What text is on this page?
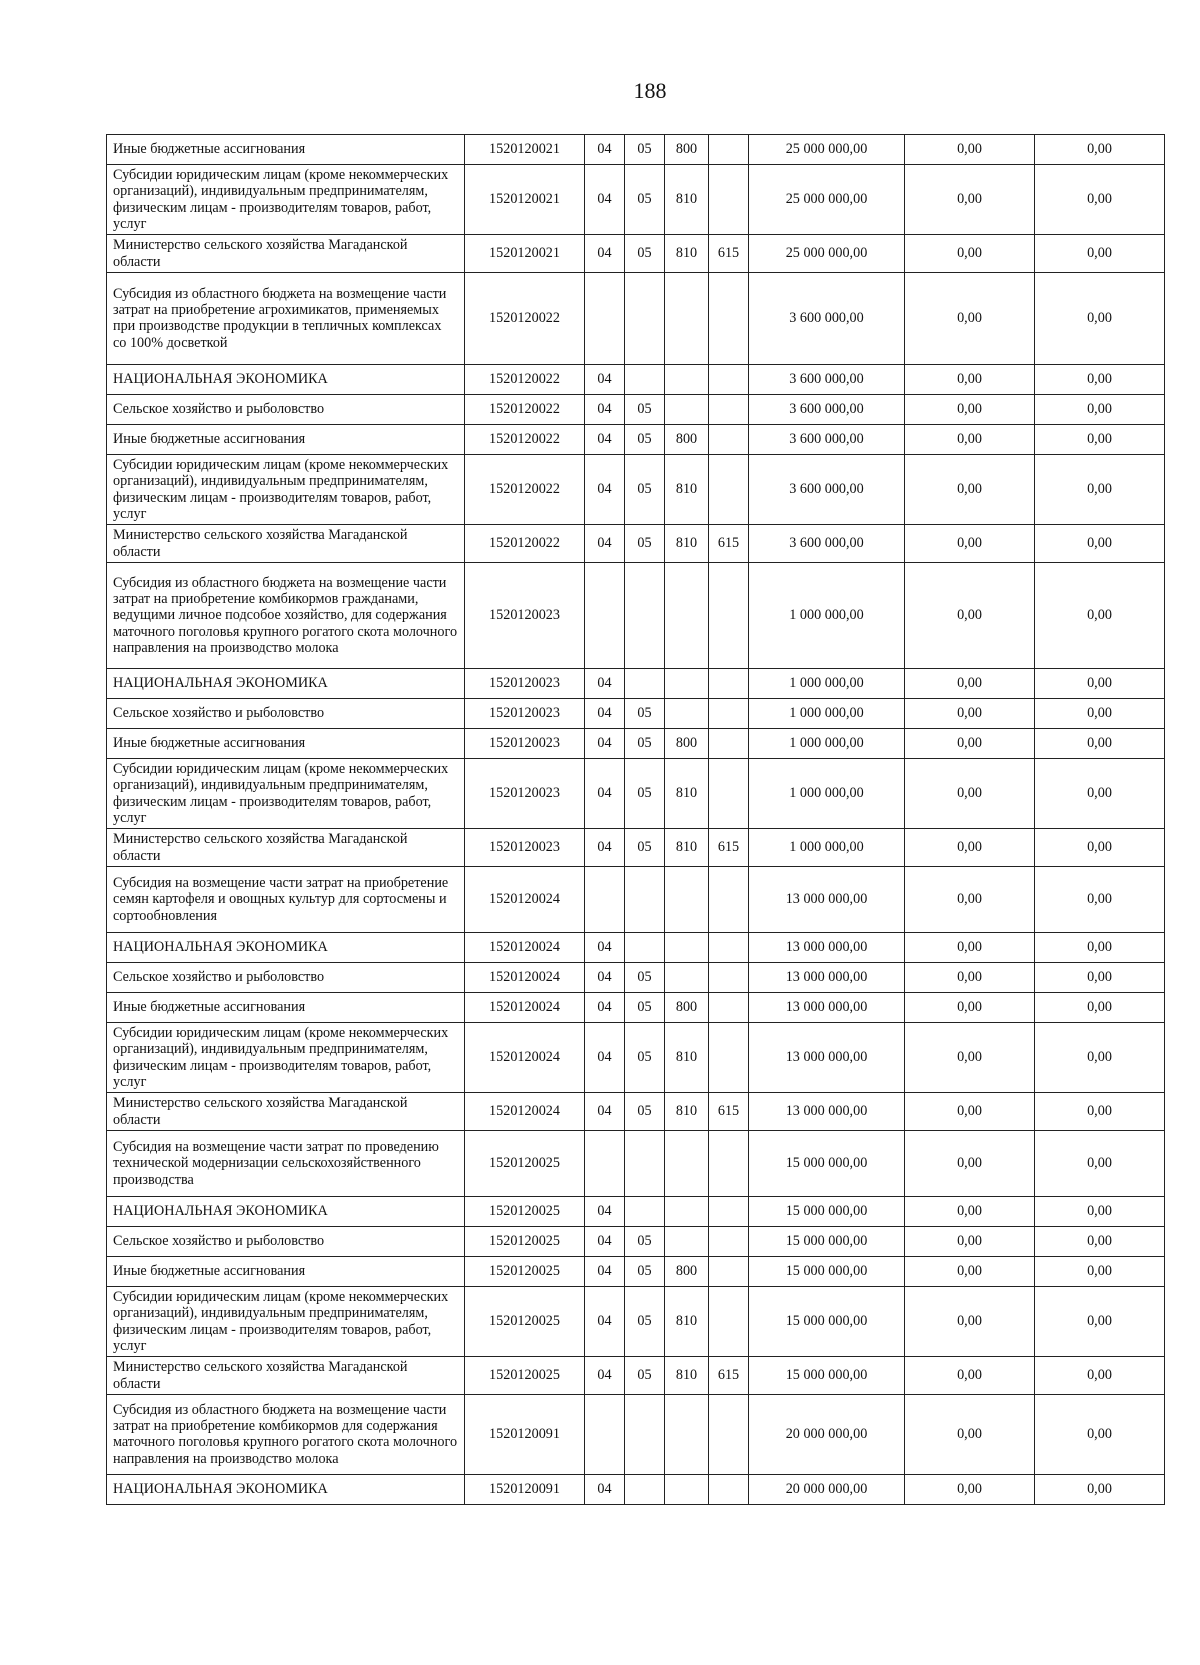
188
Иные бюджетные ассигнования	1520120021	04	05	800		25 000 000,00	0,00	0,00
Субсидии юридическим лицам (кроме некоммерческих организаций), индивидуальным предпринимателям, физическим лицам - производителям товаров, работ, услуг	1520120021	04	05	810		25 000 000,00	0,00	0,00
Министерство сельского хозяйства Магаданской области	1520120021	04	05	810	615	25 000 000,00	0,00	0,00
Субсидия из областного бюджета на возмещение части затрат на приобретение агрохимикатов, применяемых при производстве продукции в тепличных комплексах со 100% досветкой	1520120022					3 600 000,00	0,00	0,00
НАЦИОНАЛЬНАЯ ЭКОНОМИКА	1520120022	04				3 600 000,00	0,00	0,00
Сельское хозяйство и рыболовство	1520120022	04	05			3 600 000,00	0,00	0,00
Иные бюджетные ассигнования	1520120022	04	05	800		3 600 000,00	0,00	0,00
Субсидии юридическим лицам (кроме некоммерческих организаций), индивидуальным предпринимателям, физическим лицам - производителям товаров, работ, услуг	1520120022	04	05	810		3 600 000,00	0,00	0,00
Министерство сельского хозяйства Магаданской области	1520120022	04	05	810	615	3 600 000,00	0,00	0,00
Субсидия из областного бюджета на возмещение части затрат на приобретение комбикормов гражданами, ведущими личное подсобое хозяйство, для содержания маточного поголовья крупного рогатого скота молочного направления на производство молока	1520120023					1 000 000,00	0,00	0,00
НАЦИОНАЛЬНАЯ ЭКОНОМИКА	1520120023	04				1 000 000,00	0,00	0,00
Сельское хозяйство и рыболовство	1520120023	04	05			1 000 000,00	0,00	0,00
Иные бюджетные ассигнования	1520120023	04	05	800		1 000 000,00	0,00	0,00
Субсидии юридическим лицам (кроме некоммерческих организаций), индивидуальным предпринимателям, физическим лицам - производителям товаров, работ, услуг	1520120023	04	05	810		1 000 000,00	0,00	0,00
Министерство сельского хозяйства Магаданской области	1520120023	04	05	810	615	1 000 000,00	0,00	0,00
Субсидия на возмещение части затрат на приобретение семян картофеля и овощных культур для сортосмены и сортообновления	1520120024					13 000 000,00	0,00	0,00
НАЦИОНАЛЬНАЯ ЭКОНОМИКА	1520120024	04				13 000 000,00	0,00	0,00
Сельское хозяйство и рыболовство	1520120024	04	05			13 000 000,00	0,00	0,00
Иные бюджетные ассигнования	1520120024	04	05	800		13 000 000,00	0,00	0,00
Субсидии юридическим лицам (кроме некоммерческих организаций), индивидуальным предпринимателям, физическим лицам - производителям товаров, работ, услуг	1520120024	04	05	810		13 000 000,00	0,00	0,00
Министерство сельского хозяйства Магаданской области	1520120024	04	05	810	615	13 000 000,00	0,00	0,00
Субсидия на возмещение части затрат по проведению технической модернизации сельскохозяйственного производства	1520120025					15 000 000,00	0,00	0,00
НАЦИОНАЛЬНАЯ ЭКОНОМИКА	1520120025	04				15 000 000,00	0,00	0,00
Сельское хозяйство и рыболовство	1520120025	04	05			15 000 000,00	0,00	0,00
Иные бюджетные ассигнования	1520120025	04	05	800		15 000 000,00	0,00	0,00
Субсидии юридическим лицам (кроме некоммерческих организаций), индивидуальным предпринимателям, физическим лицам - производителям товаров, работ, услуг	1520120025	04	05	810		15 000 000,00	0,00	0,00
Министерство сельского хозяйства Магаданской области	1520120025	04	05	810	615	15 000 000,00	0,00	0,00
Субсидия из областного бюджета на возмещение части затрат на приобретение комбикормов для содержания маточного поголовья крупного рогатого скота молочного направления на производство молока	1520120091					20 000 000,00	0,00	0,00
НАЦИОНАЛЬНАЯ ЭКОНОМИКА	1520120091	04				20 000 000,00	0,00	0,00
